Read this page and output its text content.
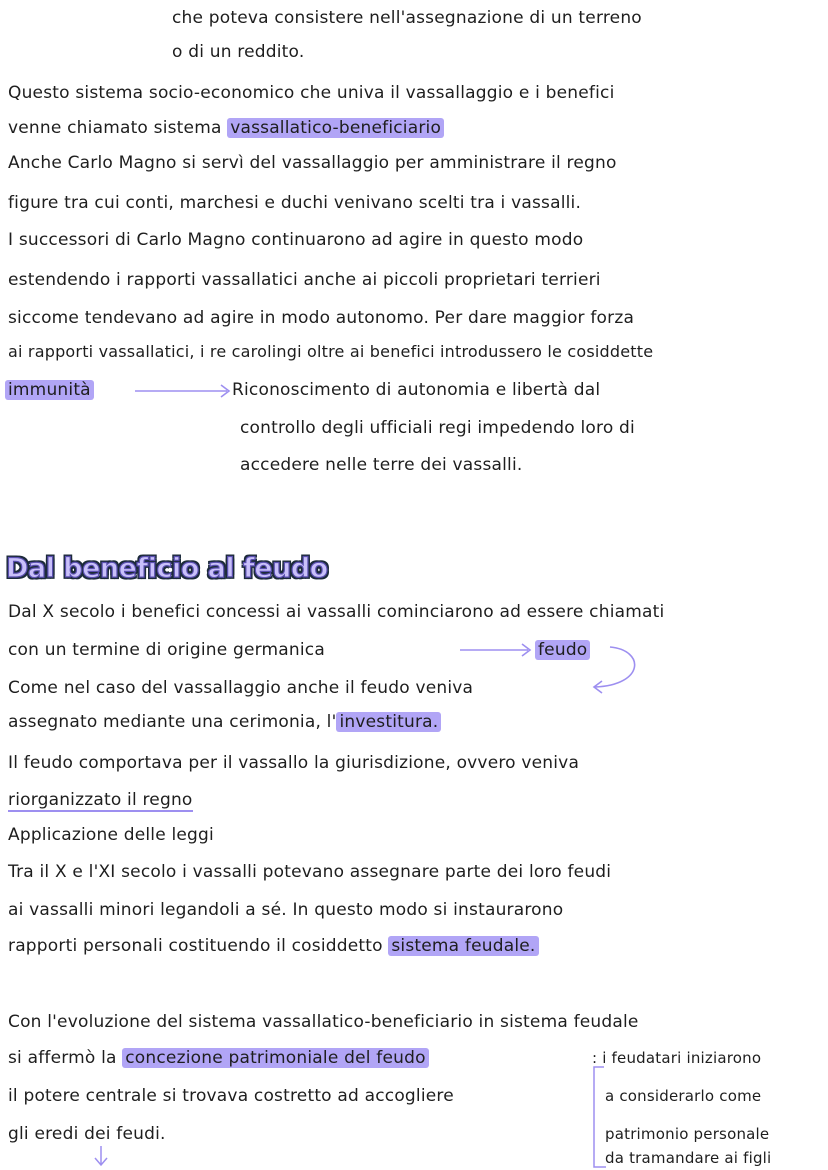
che poteva consistere nell'assegnazione di un terreno
o di un reddito.
Questo sistema socio-economico che univa il vassallaggio e i benefici
venne chiamato sistema vassallatico-beneficiario
Anche Carlo Magno si servì del vassallaggio per amministrare il regno
figure tra cui conti, marchesi e duchi venivano scelti tra i vassalli.
I successori di Carlo Magno continuarono ad agire in questo modo
estendendo i rapporti vassallatici anche ai piccoli proprietari terrieri
siccome tendevano ad agire in modo autonomo. Per dare maggior forza
ai rapporti vassallatici, i re carolingi oltre ai benefici introdussero le cosiddette
immunità	Riconoscimento di autonomia e libertà dal
controllo degli ufficiali regi impedendo loro di
accedere nelle terre dei vassalli.
Dal beneficio al feudo
Dal X secolo i benefici concessi ai vassalli cominciarono ad essere chiamati
con un termine di origine germanica	feudo
Come nel caso del vassallaggio anche il feudo veniva
assegnato mediante una cerimonia, l' investitura.
Il feudo comportava per il vassallo la giurisdizione, ovvero veniva
riorganizzato il regno
Applicazione delle leggi
Tra il X e l'XI secolo i vassalli potevano assegnare parte dei loro feudi
ai vassalli minori legandoli a sé. In questo modo si instaurarono
rapporti personali costituendo il cosiddetto sistema feudale.
Con l'evoluzione del sistema vassallatico-beneficiario in sistema feudale
si affermò la concezione patrimoniale del feudo	: i feudatari iniziarono
il potere centrale si trovava costretto ad accogliere
gli eredi dei feudi.
a considerarlo come
patrimonio personale
da tramandare ai figli
